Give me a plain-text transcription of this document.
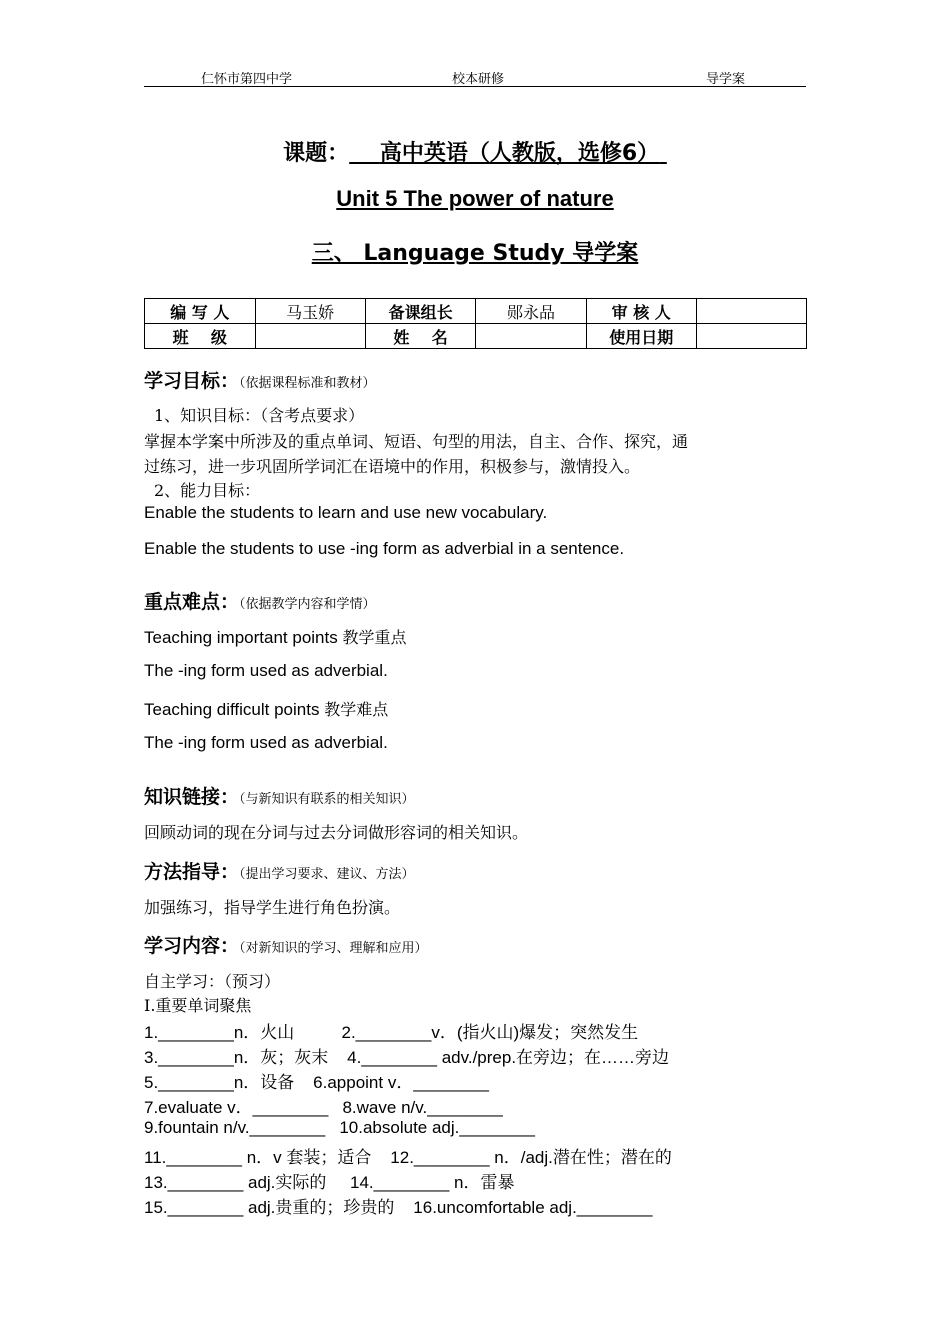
仁怀市第四中学	校本研修	导学案
课题： 高中英语（人教版，选修6）
Unit 5 The power of nature
三、 Language Study 导学案
编 写 人	马玉娇	备课组长	郧永品	审 核 人	
班    级		姓    名		使用日期	
学习目标：（依据课程标准和教材）
1、知识目标：（含考点要求）
掌握本学案中所涉及的重点单词、短语、句型的用法，自主、合作、探究，通
过练习，进一步巩固所学词汇在语境中的作用，积极参与，激情投入。
2、能力目标：
Enable the students to learn and use new vocabulary.
Enable the students to use -ing form as adverbial in a sentence.
重点难点：（依据教学内容和学情）
Teaching important points 教学重点
The -ing form used as adverbial.
Teaching difficult points 教学难点
The -ing form used as adverbial.
知识链接：（与新知识有联系的相关知识）
回顾动词的现在分词与过去分词做形容词的相关知识。
方法指导：（提出学习要求、建议、方法）
加强练习，指导学生进行角色扮演。
学习内容：（对新知识的学习、理解和应用）
自主学习：（预习）
I.重要单词聚焦
1.________n．火山          2.________v．(指火山)爆发；突然发生
3.________n．灰；灰末    4.________ adv./prep.在旁边；在……旁边
5.________n．设备    6.appoint v．________
7.evaluate v．________   8.wave n/v.________
9.fountain n/v.________   10.absolute adj.________
11.________ n．v 套装；适合    12.________ n．/adj.潜在性；潜在的
13.________ adj.实际的     14.________ n．雷暴
15.________ adj.贵重的；珍贵的    16.uncomfortable adj.________
